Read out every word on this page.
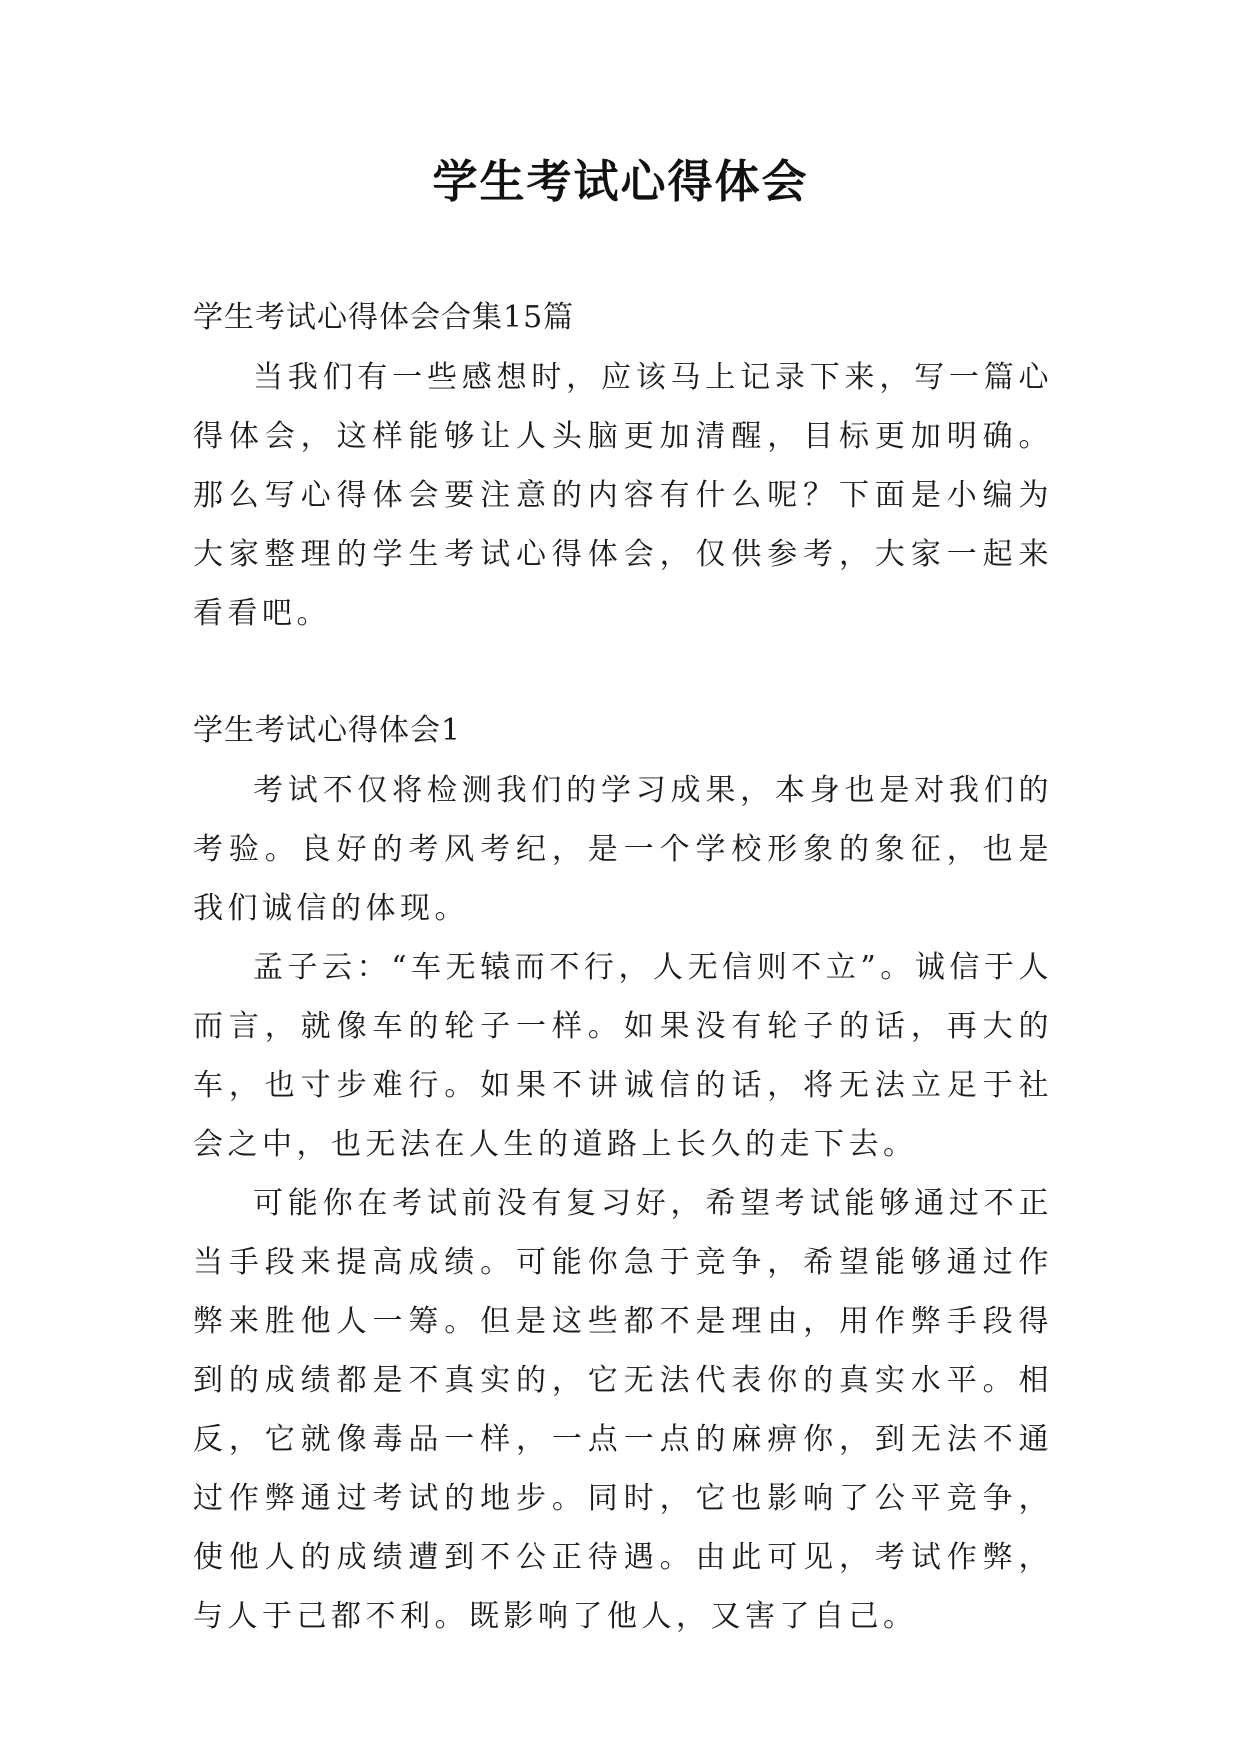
学生考试心得体会

学生考试心得体会合集15篇

当我们有一些感想时，应该马上记录下来，写一篇心得体会，这样能够让人头脑更加清醒，目标更加明确。那么写心得体会要注意的内容有什么呢？下面是小编为大家整理的学生考试心得体会，仅供参考，大家一起来看看吧。

学生考试心得体会1

考试不仅将检测我们的学习成果，本身也是对我们的考验。良好的考风考纪，是一个学校形象的象征，也是我们诚信的体现。

孟子云：“车无辕而不行，人无信则不立”。诚信于人而言，就像车的轮子一样。如果没有轮子的话，再大的车，也寸步难行。如果不讲诚信的话，将无法立足于社会之中，也无法在人生的道路上长久的走下去。

可能你在考试前没有复习好，希望考试能够通过不正当手段来提高成绩。可能你急于竞争，希望能够通过作弊来胜他人一筹。但是这些都不是理由，用作弊手段得到的成绩都是不真实的，它无法代表你的真实水平。相反，它就像毒品一样，一点一点的麻痹你，到无法不通过作弊通过考试的地步。同时，它也影响了公平竞争，使他人的成绩遭到不公正待遇。由此可见，考试作弊，与人于己都不利。既影响了他人，又害了自己。
